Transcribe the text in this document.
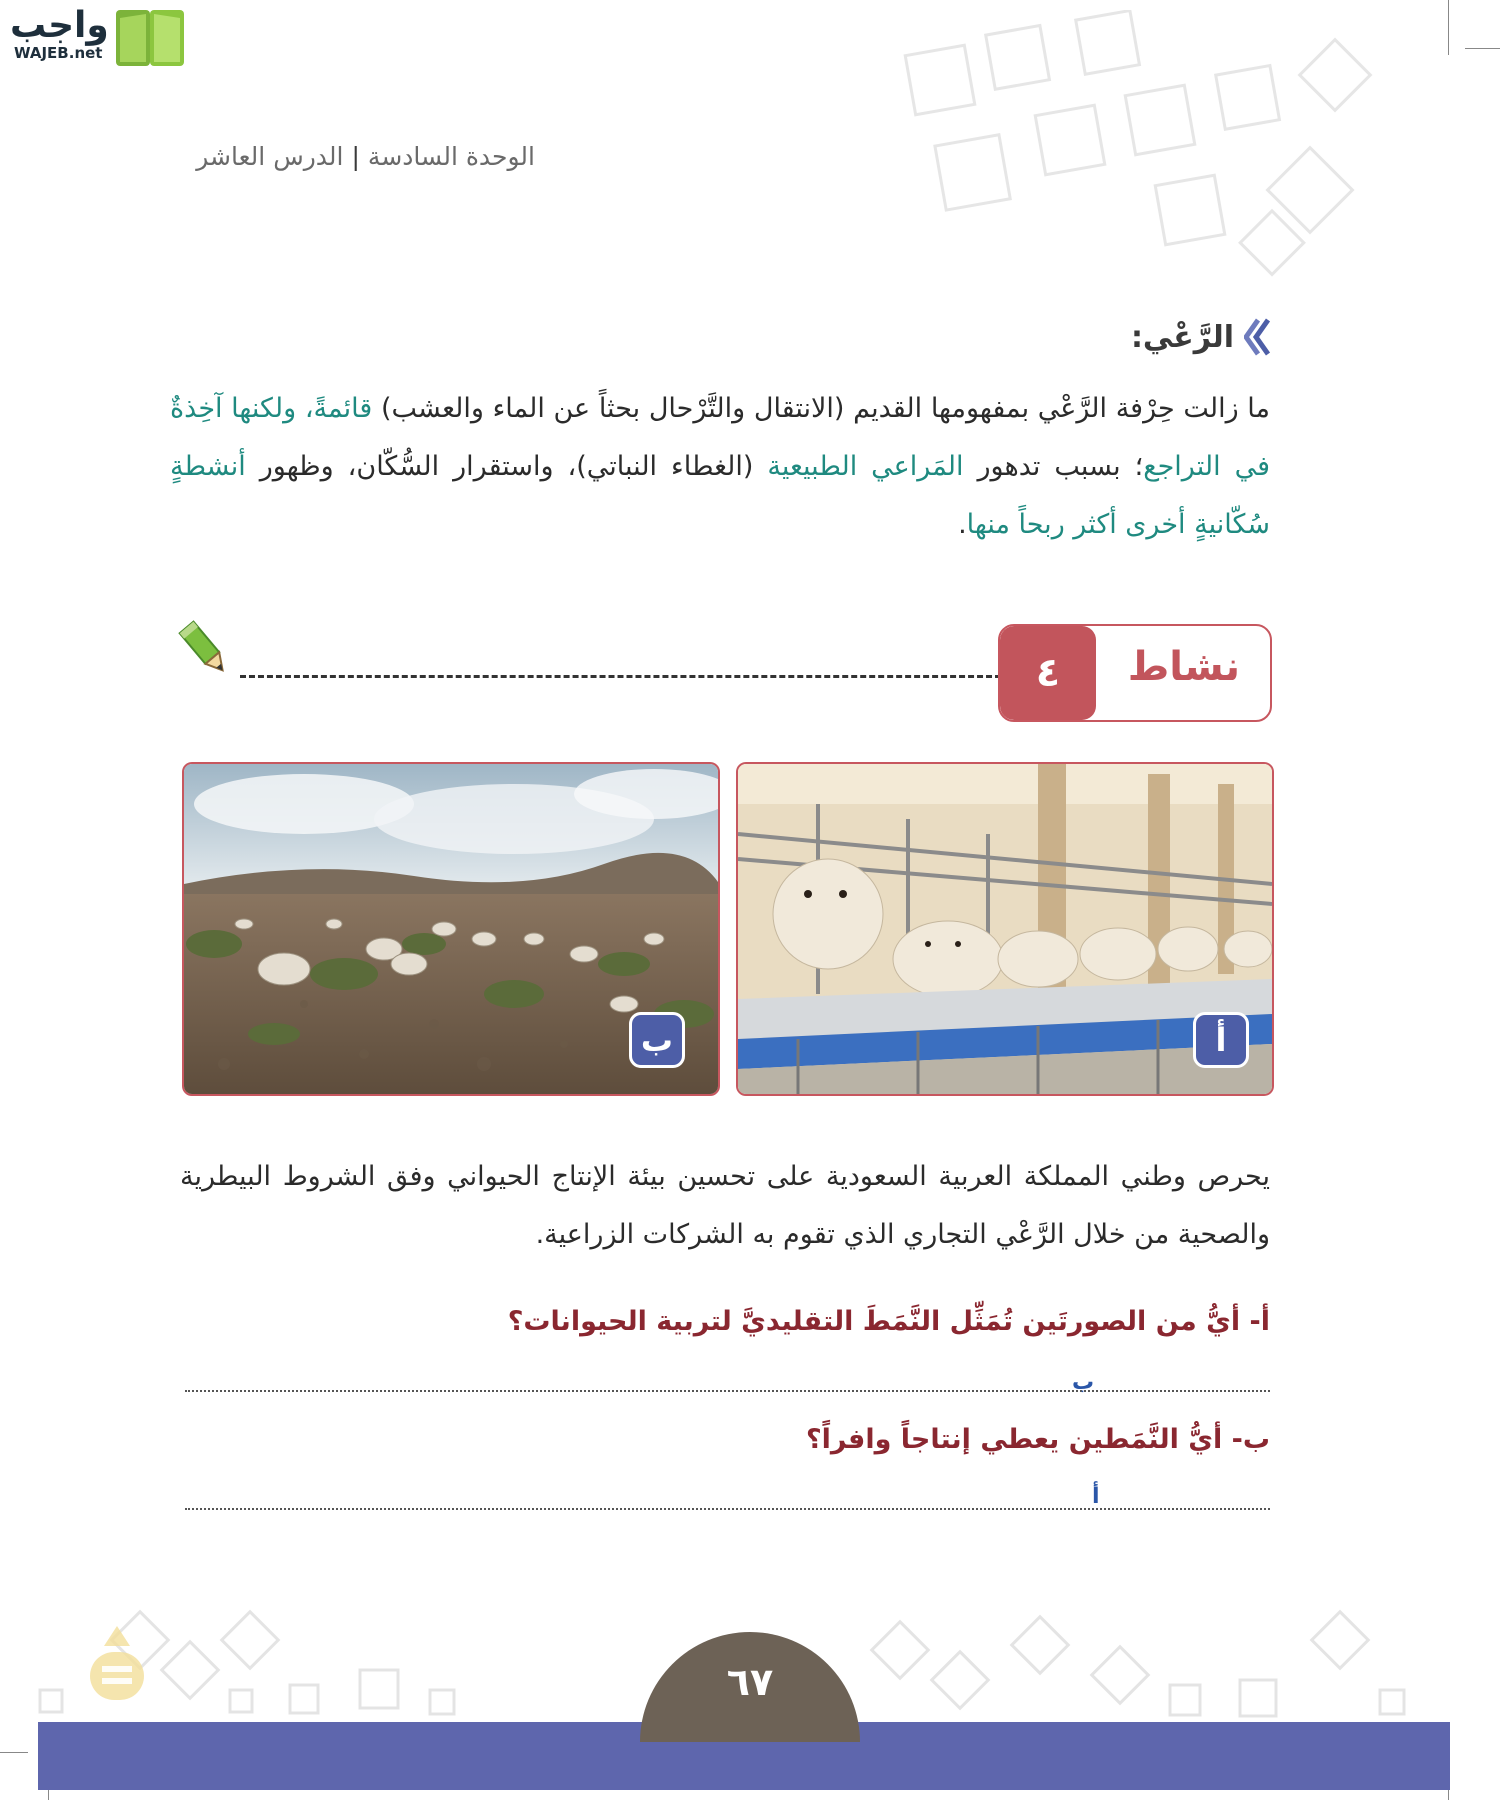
واجب
WAJEB.net
الوحدة السادسة|الدرس العاشر
الرَّعْي:
ما زالت حِرْفة الرَّعْي بمفهومها القديم (الانتقال والتَّرْحال بحثاً عن الماء والعشب) قائمةً، ولكنها آخِذةٌ في التراجع؛ بسبب تدهور المَراعي الطبيعية (الغطاء النباتي)، واستقرار السُّكّان، وظهور أنشطةٍ سُكّانيةٍ أخرى أكثر ربحاً منها.
٤	نشاط
ب	أ
يحرص وطني المملكة العربية السعودية على تحسين بيئة الإنتاج الحيواني وفق الشروط البيطرية والصحية من خلال الرَّعْي التجاري الذي تقوم به الشركات الزراعية.
أ- أيُّ من الصورتَين تُمَثِّل النَّمَطَ التقليديَّ لتربية الحيوانات؟
ب
ب- أيُّ النَّمَطين يعطي إنتاجاً وافراً؟
أ
٦٧
